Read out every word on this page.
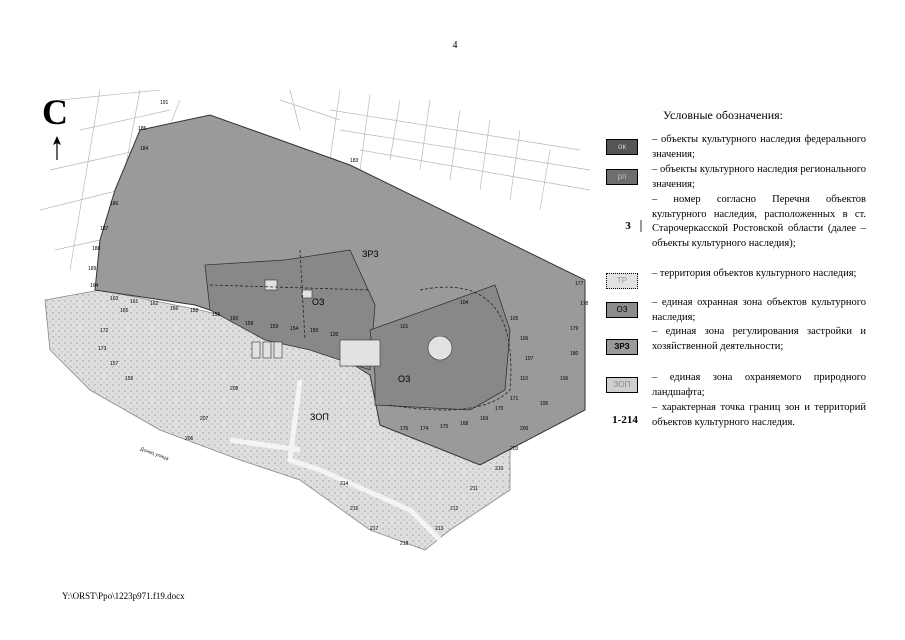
4
ЗРЗ
ОЗ
ОЗ
ЗОП
Донец улица
191
185
184
183
186
187
188
189
164
163 161 162
166 158
156
160
159
208
207
206
165
172
173
157
155
153 154 150
120
101
104
105
106
107
110
171
170
169
168
175
174
176
177
178
179
180
196
195
200
203
210
211
212
213
214
216
217
218
С	Условные обозначения:
ок
– объекты культурного наследия федерального значения;
рп
– объекты культурного наследия регионального значения;
3
– номер согласно Перечня объектов культурного наследия, расположенных в ст. Старочеркасской Ростовской области (далее – объекты культурного наследия);
ТР
– территория объектов культурного наследия;
ОЗ
– единая охранная зона объектов культурного наследия;
ЗРЗ
– единая зона регулирования застройки и хозяйственной деятельности;
ЗОП
– единая зона охраняемого природного ландшафта;
1-214
– характерная точка границ зон и территорий объектов культурного наследия.
Y:\ORST\Ppo\1223p971.f19.docx
